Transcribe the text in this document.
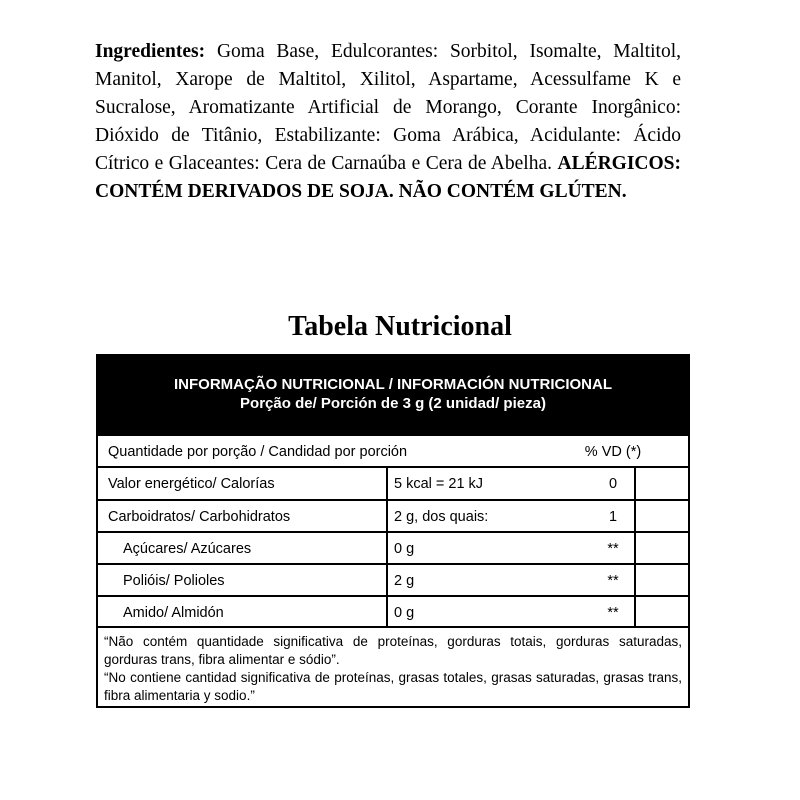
Ingredientes: Goma Base, Edulcorantes: Sorbitol, Isomalte, Maltitol, Manitol, Xarope de Maltitol, Xilitol, Aspartame, Acessulfame K e Sucralose, Aromatizante Artificial de Morango, Corante Inorgânico: Dióxido de Titânio, Estabilizante: Goma Arábica, Acidulante: Ácido Cítrico e Glaceantes: Cera de Carnaúba e Cera de Abelha. ALÉRGICOS: CONTÉM DERIVADOS DE SOJA. NÃO CONTÉM GLÚTEN.
Tabela Nutricional
INFORMAÇÃO NUTRICIONAL / INFORMACIÓN NUTRICIONAL
Porção de/ Porción de 3 g (2 unidad/ pieza)
Quantidade por porção / Candidad por porción	% VD (*)
Valor energético/ Calorías	5 kcal = 21 kJ	0
Carboidratos/ Carbohidratos	2 g, dos quais:	1
Açúcares/ Azúcares	0 g	**
Polióis/ Polioles	2 g	**
Amido/ Almidón	0 g	**
“Não contém quantidade significativa de proteínas, gorduras totais, gorduras saturadas, gorduras trans, fibra alimentar e sódio”.
“No contiene cantidad significativa de proteínas, grasas totales, grasas saturadas, grasas trans, fibra alimentaria y sodio.”
